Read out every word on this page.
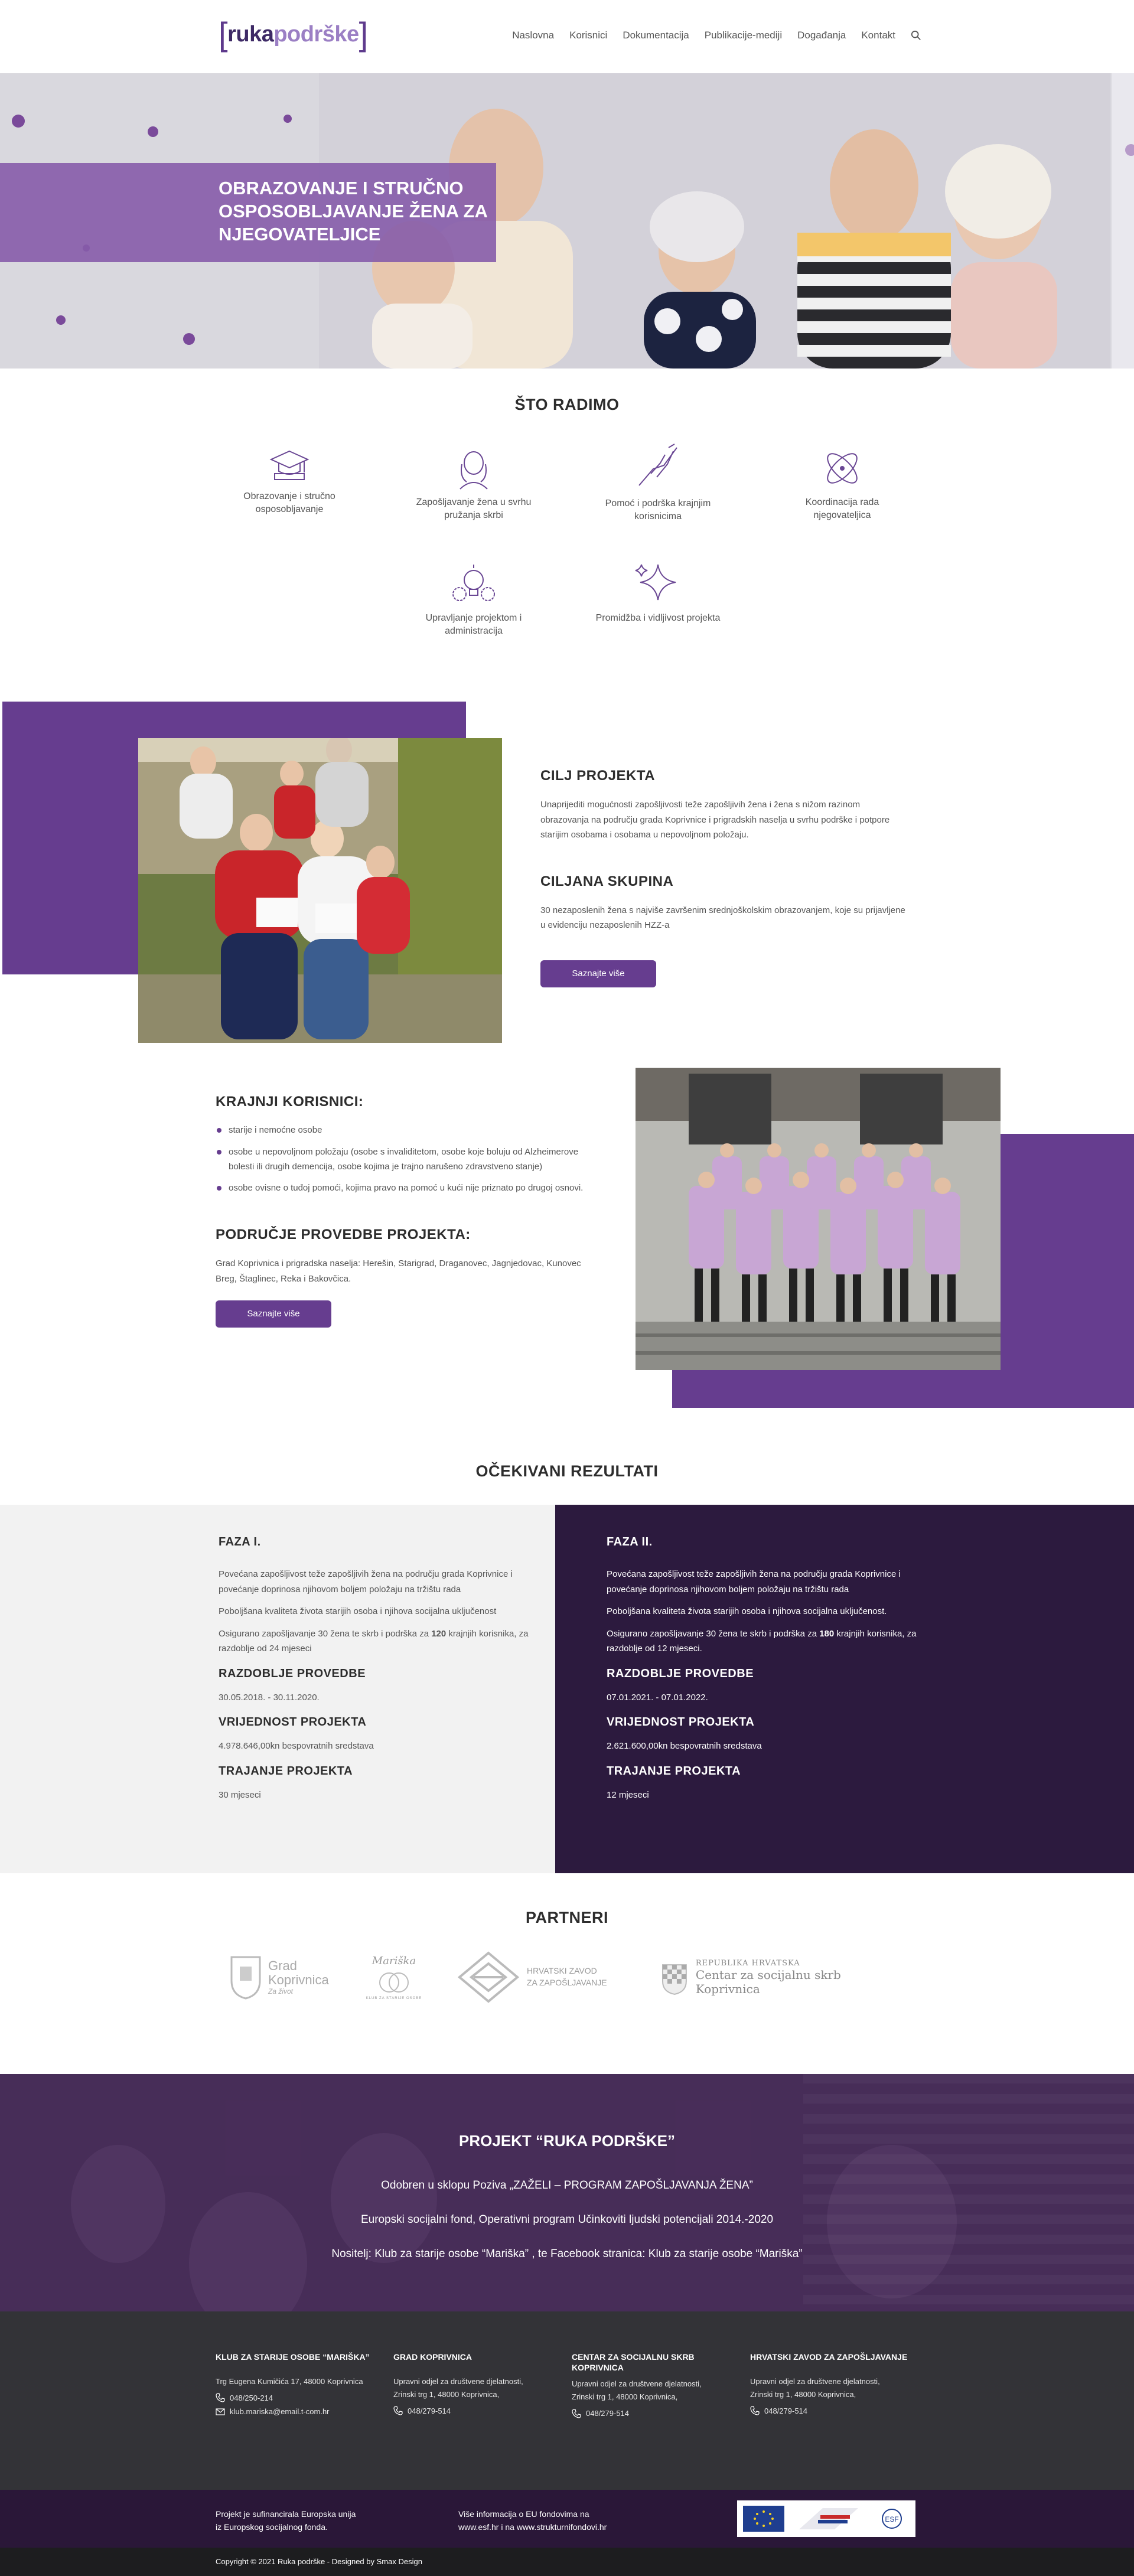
[ ruka podrške ]	Naslovna Korisnici Dokumentacija Publikacije-mediji Događanja Kontakt
OBRAZOVANJE I STRUČNO OSPOSOBLJAVANJE ŽENA ZA NJEGOVATELJICE
ŠTO RADIMO
Obrazovanje i stručno osposobljavanje
Zapošljavanje žena u svrhu pružanja skrbi
Pomoć i podrška krajnjim korisnicima
Koordinacija rada njegovateljica
Upravljanje projektom i administracija
Promidžba i vidljivost projekta
CILJ PROJEKTA

Unaprijediti mogućnosti zapošljivosti teže zapošljivih žena i žena s nižom razinom obrazovanja na području grada Koprivnice i prigradskih naselja u svrhu podrške i potpore starijim osobama i osobama u nepovoljnom položaju.

CILJANA SKUPINA

30 nezaposlenih žena s najviše završenim srednjoškolskim obrazovanjem, koje su prijavljene u evidenciju nezaposlenih HZZ-a

Saznajte više
KRAJNJI KORISNICI:
starije i nemoćne osobe
osobe u nepovoljnom položaju (osobe s invaliditetom, osobe koje boluju od Alzheimerove bolesti ili drugih demencija, osobe kojima je trajno narušeno zdravstveno stanje)
osobe ovisne o tuđoj pomoći, kojima pravo na pomoć u kući nije priznato po drugoj osnovi.
PODRUČJE PROVEDBE PROJEKTA:

Grad Koprivnica i prigradska naselja: Herešin, Starigrad, Draganovec, Jagnjedovac, Kunovec Breg, Štaglinec, Reka i Bakovčica.

Saznajte više
OČEKIVANI REZULTATI
FAZA I.

Povećana zapošljivost teže zapošljivih žena na području grada Koprivnice i povećanje doprinosa njihovom boljem položaju na tržištu rada

Poboljšana kvaliteta života starijih osoba i njihova socijalna uključenost

Osigurano zapošljavanje 30 žena te skrb i podrška za 120 krajnjih korisnika, za razdoblje od 24 mjeseci

RAZDOBLJE PROVEDBE

30.05.2018. - 30.11.2020.

VRIJEDNOST PROJEKTA

4.978.646,00kn bespovratnih sredstava

TRAJANJE PROJEKTA

30 mjeseci

FAZA II.

Povećana zapošljivost teže zapošljivih žena na području grada Koprivnice i povećanje doprinosa njihovom boljem položaju na tržištu rada

Poboljšana kvaliteta života starijih osoba i njihova socijalna uključenost.

Osigurano zapošljavanje 30 žena te skrb i podrška za 180 krajnjih korisnika, za razdoblje od 12 mjeseci.

RAZDOBLJE PROVEDBE

07.01.2021. - 07.01.2022.

VRIJEDNOST PROJEKTA

2.621.600,00kn bespovratnih sredstava

TRAJANJE PROJEKTA

12 mjeseci

PARTNERI
Grad
Koprivnica
Za život
Mariška
KLUB ZA STARIJE OSOBE
HRVATSKI ZAVOD
ZA ZAPOŠLJAVANJE
REPUBLIKA HRVATSKA
Centar za socijalnu skrb Koprivnica
PROJEKT “RUKA PODRŠKE”
Odobren u sklopu Poziva „ZAŽELI – PROGRAM ZAPOŠLJAVANJA ŽENA”
Europski socijalni fond, Operativni program Učinkoviti ljudski potencijali 2014.-2020
Nositelj: Klub za starije osobe “Mariška” , te Facebook stranica: Klub za starije osobe “Mariška”
KLUB ZA STARIJE OSOBE “MARIŠKA”
Trg Eugena Kumičića 17, 48000 Koprivnica
048/250-214
klub.mariska@email.t-com.hr
GRAD KOPRIVNICA
Upravni odjel za društvene djelatnosti,
Zrinski trg 1, 48000 Koprivnica,
048/279-514
CENTAR ZA SOCIJALNU SKRB KOPRIVNICA
Upravni odjel za društvene djelatnosti,
Zrinski trg 1, 48000 Koprivnica,
048/279-514
HRVATSKI ZAVOD ZA ZAPOŠLJAVANJE
Upravni odjel za društvene djelatnosti,
Zrinski trg 1, 48000 Koprivnica,
048/279-514
Projekt je sufinancirala Europska unija
iz Europskog socijalnog fonda.
Više informacija o EU fondovima na
www.esf.hr i na www.strukturnifondovi.hr
ESF
Copyright © 2021 Ruka podrške - Designed by Smax Design
